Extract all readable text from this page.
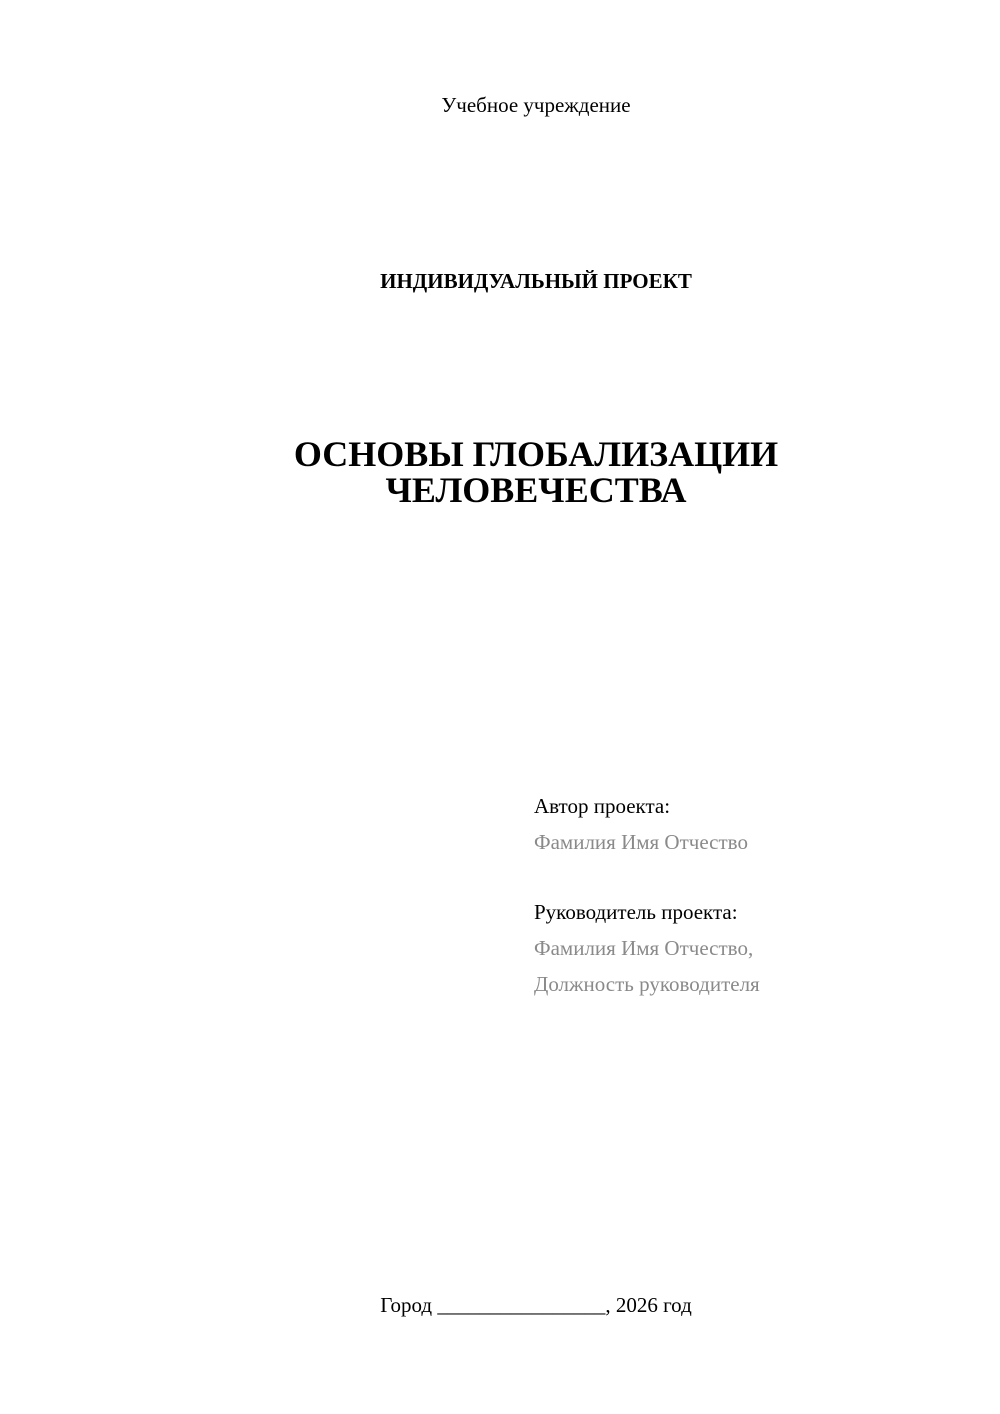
Учебное учреждение
ИНДИВИДУАЛЬНЫЙ ПРОЕКТ
ОСНОВЫ ГЛОБАЛИЗАЦИИ
ЧЕЛОВЕЧЕСТВА
Автор проекта:
Фамилия Имя Отчество
Руководитель проекта:
Фамилия Имя Отчество,
Должность руководителя
Город ________________, 2026 год
